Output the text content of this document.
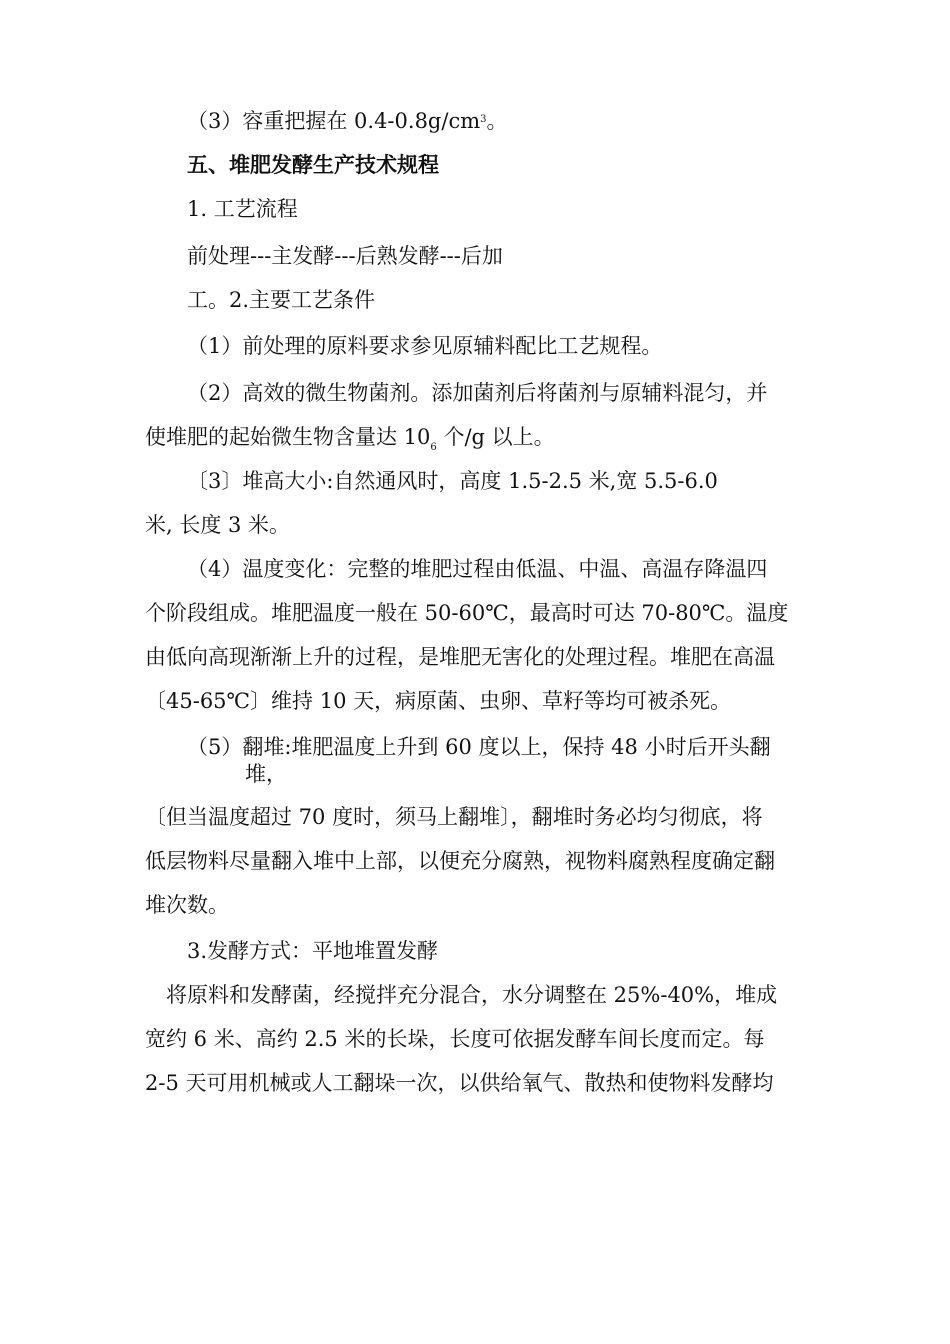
（3）容重把握在 $0.4-0.8g/cm^3$。
五、堆肥发酵生产技术规程
1. 工艺流程
前处理---主发酵---后熟发酵---后加
工。2.主要工艺条件
（1）前处理的原料要求参见原辅料配比工艺规程。
（2）高效的微生物菌剂。添加菌剂后将菌剂与原辅料混匀，并
使堆肥的起始微生物含量达 $10_6$ 个/g 以上。
〔3〕堆高大小:自然通风时，高度 1.5-2.5 米,宽 5.5-6.0
米, 长度 3 米。
（4）温度变化：完整的堆肥过程由低温、中温、高温存降温四
个阶段组成。堆肥温度一般在 50-60℃，最高时可达 70-80℃。温度
由低向高现渐渐上升的过程，是堆肥无害化的处理过程。堆肥在高温
〔45-65℃〕维持 10 天，病原菌、虫卵、草籽等均可被杀死。
（5）翻堆:堆肥温度上升到 60 度以上，保持 48 小时后开头翻
堆，
〔但当温度超过 70 度时，须马上翻堆〕，翻堆时务必均匀彻底，将
低层物料尽量翻入堆中上部，以便充分腐熟，视物料腐熟程度确定翻
堆次数。
3.发酵方式：平地堆置发酵
将原料和发酵菌，经搅拌充分混合，水分调整在 25%-40%，堆成
宽约 6 米、高约 2.5 米的长垛，长度可依据发酵车间长度而定。每
2-5 天可用机械或人工翻垛一次，以供给氧气、散热和使物料发酵均
